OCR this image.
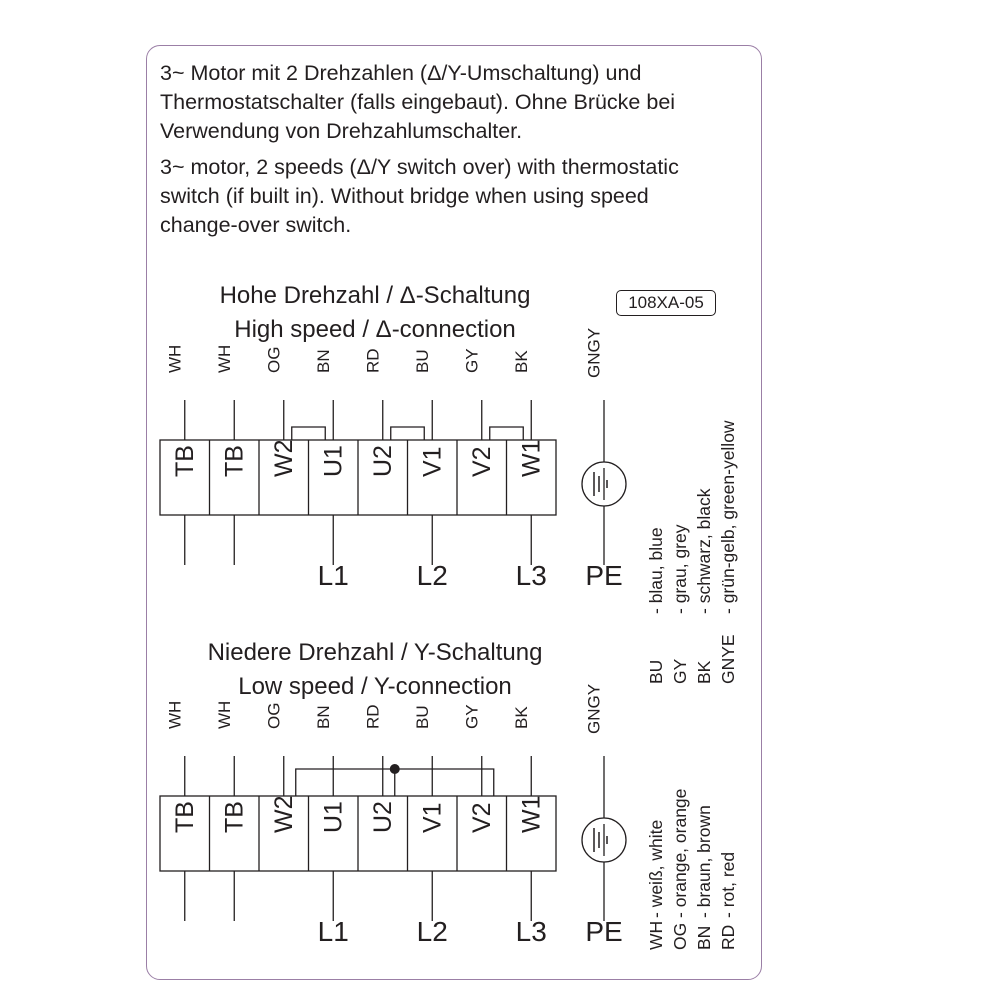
3~ Motor mit 2 Drehzahlen (Δ/Y-Umschaltung) und
Thermostatschalter (falls eingebaut). Ohne Brücke bei
Verwendung von Drehzahlumschalter.
3~ motor, 2 speeds (Δ/Y switch over) with thermostatic
switch (if built in). Without bridge when using speed
change-over switch.
Hohe Drehzahl / Δ-Schaltung
High speed / Δ-connection
108XA-05
Niedere Drehzahl / Y-Schaltung
Low speed / Y-connection
WH
TB
WH
TB
OG
W2
BN
U1
RD
U2
BU
V1
GY
V2
BK
W1
GNGY
L1 L2 L3 PE
WH
TB
WH
TB
OG
W2
BN
U1
RD
U2
BU
V1
GY
V2
BK
W1
GNGY
L1 L2 L3 PE
BU GY BK GNYE
- blau, blue - grau, grey - schwarz, black - grün-gelb, green-yellow
WH OG BN RD
- weiß, white - orange, orange - braun, brown - rot, red
